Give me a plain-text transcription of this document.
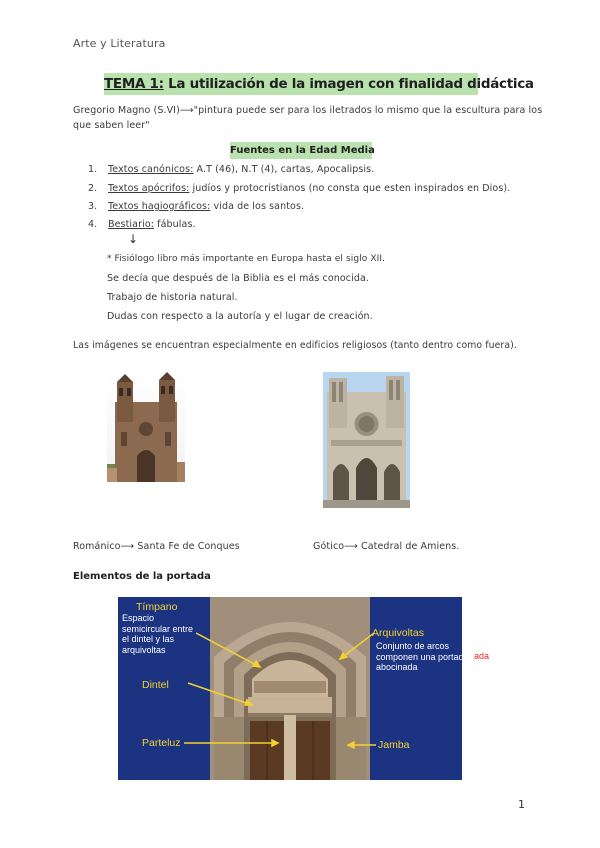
Arte y Literatura
TEMA 1: La utilización de la imagen con finalidad didáctica
Gregorio Magno (S.VI)⟶"pintura puede ser para los iletrados lo mismo que la escultura para los
que saben leer"
Fuentes en la Edad Media
1. Textos canónicos: A.T (46), N.T (4), cartas, Apocalipsis.
2. Textos apócrifos: judíos y protocristianos (no consta que esten inspirados en Dios).
3. Textos hagiográficos: vida de los santos.
4. Bestiario: fábulas.
↓
* Fisiólogo libro más importante en Europa hasta el siglo XII.
Se decía que después de la Biblia es el más conocida.
Trabajo de historia natural.
Dudas con respecto a la autoría y el lugar de creación.
Las imágenes se encuentran especialmente en edificios religiosos (tanto dentro como fuera).
Románico⟶ Santa Fe de Conques	Gótico⟶ Catedral de Amiens.
Elementos de la portada
Tímpano
Espacio
semicircular entre
el dintel y las
arquivoltas
Dintel
Parteluz
Arquivoltas
Conjunto de arcos
componen una portada
abocinada
ada
Jamba
1
